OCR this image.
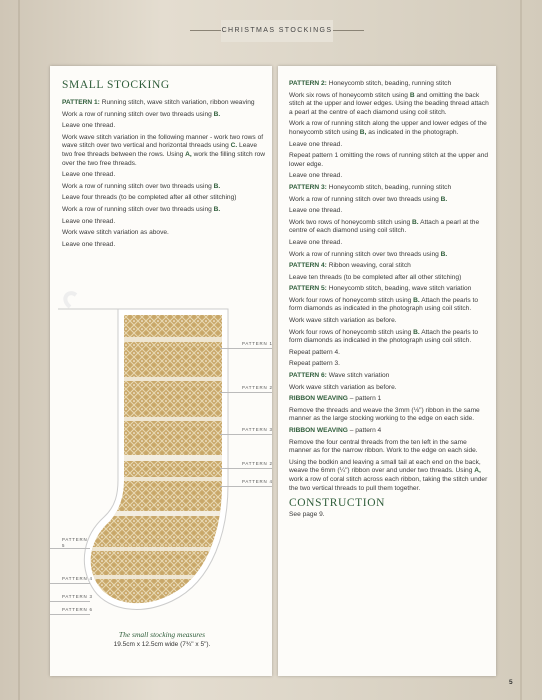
CHRISTMAS STOCKINGS
SMALL STOCKING

PATTERN 1: Running stitch, wave stitch variation, ribbon weaving

Work a row of running stitch over two threads using B.

Leave one thread.

Work wave stitch variation in the following manner - work two rows of wave stitch over two vertical and horizontal threads using C. Leave two free threads between the rows. Using A, work the filling stitch row over the two free threads.

Leave one thread.

Work a row of running stitch over two threads using B.

Leave four threads (to be completed after all other stitching)

Work a row of running stitch over two threads using B.

Leave one thread.

Work wave stitch variation as above.

Leave one thread.

PATTERN 1
PATTERN 2
PATTERN 3
PATTERN 2
PATTERN 4
PATTERN
5
PATTERN 4
PATTERN 3
PATTERN 6
The small stocking measures
19.5cm x 12.5cm wide (7¾" x 5").

PATTERN 2: Honeycomb stitch, beading, running stitch

Work six rows of honeycomb stitch using B and omitting the back stitch at the upper and lower edges. Using the beading thread attach a pearl at the centre of each diamond using coil stitch.

Work a row of running stitch along the upper and lower edges of the honeycomb stitch using B, as indicated in the photograph.

Leave one thread.

Repeat pattern 1 omitting the rows of running stitch at the upper and lower edge.

Leave one thread.

PATTERN 3: Honeycomb stitch, beading, running stitch

Work a row of running stitch over two threads using B.

Leave one thread.

Work two rows of honeycomb stitch using B. Attach a pearl at the centre of each diamond using coil stitch.

Leave one thread.

Work a row of running stitch over two threads using B.

PATTERN 4: Ribbon weaving, coral stitch

Leave ten threads (to be completed after all other stitching)

PATTERN 5: Honeycomb stitch, beading, wave stitch variation

Work four rows of honeycomb stitch using B. Attach the pearls to form diamonds as indicated in the photograph using coil stitch.

Work wave stitch variation as before.

Work four rows of honeycomb stitch using B. Attach the pearls to form diamonds as indicated in the photograph using coil stitch.

Repeat pattern 4.

Repeat pattern 3.

PATTERN 6: Wave stitch variation

Work wave stitch variation as before.

RIBBON WEAVING – pattern 1

Remove the threads and weave the 3mm (⅛") ribbon in the same manner as the large stocking working to the edge on each side.

RIBBON WEAVING – pattern 4

Remove the four central threads from the ten left in the same manner as for the narrow ribbon. Work to the edge on each side.

Using the bodkin and leaving a small tail at each end on the back, weave the 6mm (¼") ribbon over and under two threads. Using A, work a row of coral stitch across each ribbon, taking the stitch under the two vertical threads to pull them together.

CONSTRUCTION

See page 9.

5
